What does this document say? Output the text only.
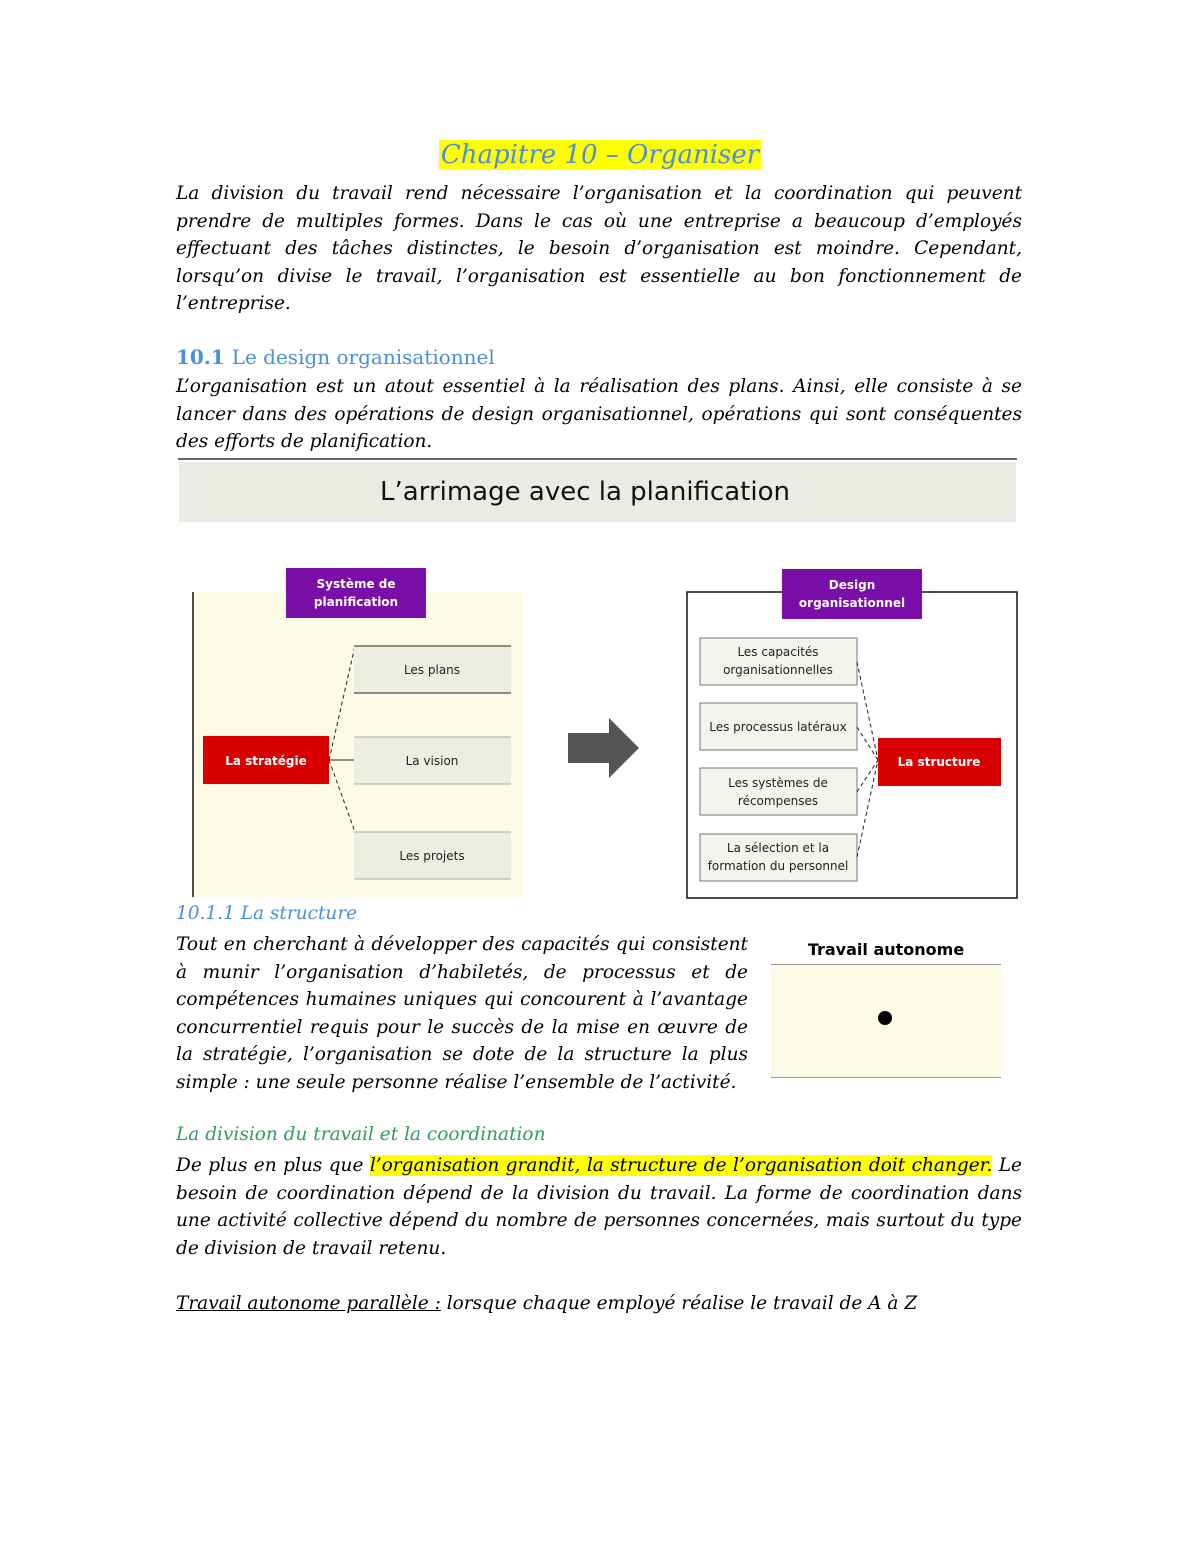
Chapitre 10 – Organiser

La division du travail rend nécessaire l’organisation et la coordination qui peuvent prendre de multiples formes. Dans le cas où une entreprise a beaucoup d’employés effectuant des tâches distinctes, le besoin d’organisation est moindre. Cependant, lorsqu’on divise le travail, l’organisation est essentielle au bon fonctionnement de l’entreprise.

10.1 Le design organisationnel

L’organisation est un atout essentiel à la réalisation des plans. Ainsi, elle consiste à se lancer dans des opérations de design organisationnel, opérations qui sont conséquentes des efforts de planification.

L’arrimage avec la planification
Système de
planification
La stratégie
Les plans
La vision
Les projets
Design
organisationnel
Les capacités
organisationnelles
Les processus latéraux
Les systèmes de
récompenses
La sélection et la
formation du personnel
La structure
10.1.1 La structure

Tout en cherchant à développer des capacités qui consistent à munir l’organisation d’habiletés, de processus et de compétences humaines uniques qui concourent à l’avantage concurrentiel requis pour le succès de la mise en œuvre de la stratégie, l’organisation se dote de la structure la plus simple : une seule personne réalise l’ensemble de l’activité.

Travail autonome
La division du travail et la coordination

De plus en plus que l’organisation grandit, la structure de l’organisation doit changer. Le besoin de coordination dépend de la division du travail. La forme de coordination dans une activité collective dépend du nombre de personnes concernées, mais surtout du type de division de travail retenu.

Travail autonome parallèle : lorsque chaque employé réalise le travail de A à Z
